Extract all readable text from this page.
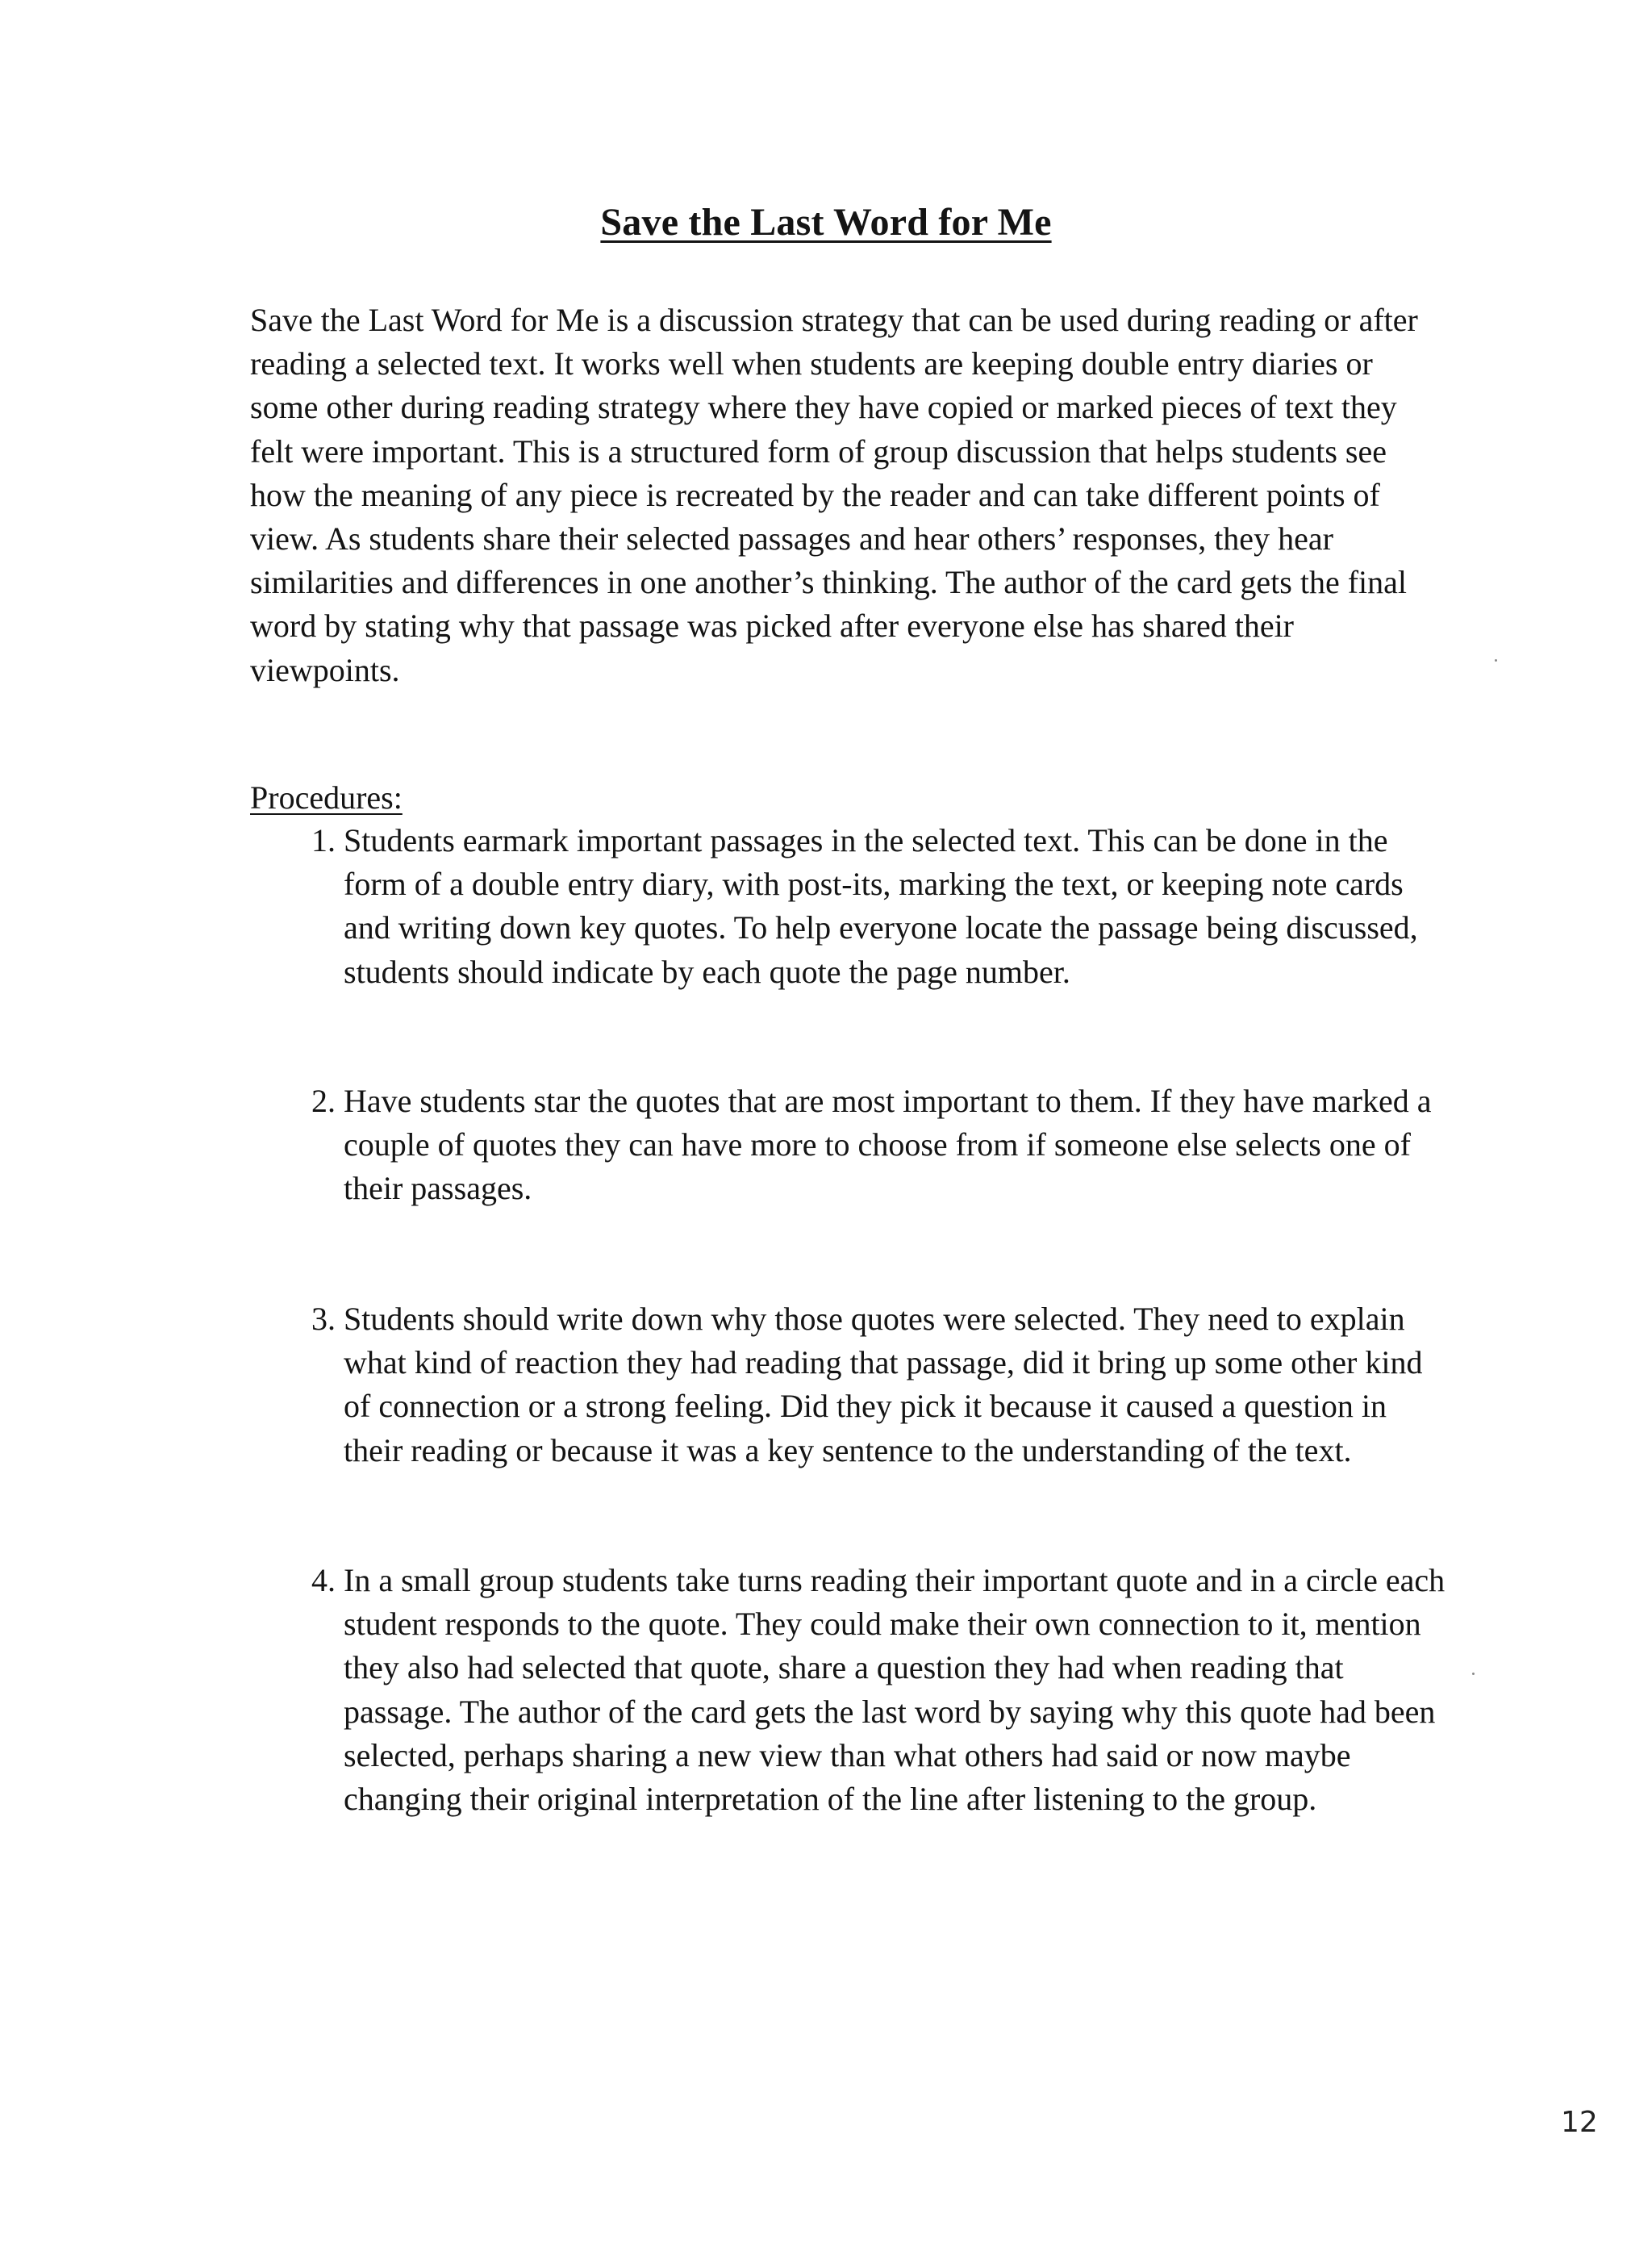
Save the Last Word for Me

Save the Last Word for Me is a discussion strategy that can be used during reading or after reading a selected text. It works well when students are keeping double entry diaries or some other during reading strategy where they have copied or marked pieces of text they felt were important. This is a structured form of group discussion that helps students see how the meaning of any piece is recreated by the reader and can take different points of view. As students share their selected passages and hear others’ responses, they hear similarities and differences in one another’s thinking. The author of the card gets the final word by stating why that passage was picked after everyone else has shared their viewpoints.

Procedures:

1. Students earmark important passages in the selected text. This can be done in the form of a double entry diary, with post-its, marking the text, or keeping note cards and writing down key quotes. To help everyone locate the passage being discussed, students should indicate by each quote the page number.

2. Have students star the quotes that are most important to them. If they have marked a couple of quotes they can have more to choose from if someone else selects one of their passages.

3. Students should write down why those quotes were selected. They need to explain what kind of reaction they had reading that passage, did it bring up some other kind of connection or a strong feeling. Did they pick it because it caused a question in their reading or because it was a key sentence to the understanding of the text.

4. In a small group students take turns reading their important quote and in a circle each student responds to the quote. They could make their own connection to it, mention they also had selected that quote, share a question they had when reading that passage. The author of the card gets the last word by saying why this quote had been selected, perhaps sharing a new view than what others had said or now maybe changing their original interpretation of the line after listening to the group.

12
